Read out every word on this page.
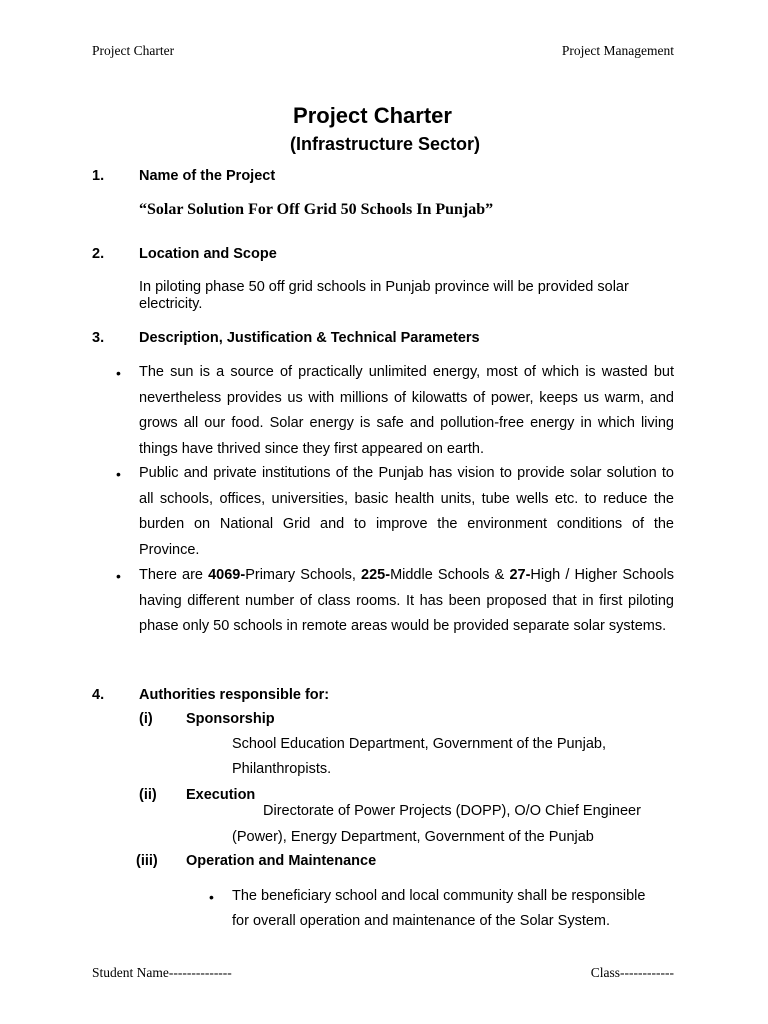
Project Charter	Project Management
Project Charter
(Infrastructure Sector)
1. Name of the Project
“Solar Solution For Off Grid 50 Schools In Punjab”
2. Location and Scope
In piloting phase 50 off grid schools in Punjab province will be provided solar electricity.
3. Description, Justification & Technical Parameters
• The sun is a source of practically unlimited energy, most of which is wasted but nevertheless provides us with millions of kilowatts of power, keeps us warm, and grows all our food. Solar energy is safe and pollution-free energy in which living things have thrived since they first appeared on earth.
• Public and private institutions of the Punjab has vision to provide solar solution to all schools, offices, universities, basic health units, tube wells etc. to reduce the burden on National Grid and to improve the environment conditions of the Province.
• There are 4069-Primary Schools, 225-Middle Schools & 27-High / Higher Schools having different number of class rooms. It has been proposed that in first piloting phase only 50 schools in remote areas would be provided separate solar systems.
4. Authorities responsible for:
(i) Sponsorship
School Education Department, Government of the Punjab,
Philanthropists.
(ii) Execution
Directorate of Power Projects (DOPP), O/O Chief Engineer
(Power), Energy Department, Government of the Punjab
(iii) Operation and Maintenance
• The beneficiary school and local community shall be responsible
for overall operation and maintenance of the Solar System.
Student Name--------------	Class------------
